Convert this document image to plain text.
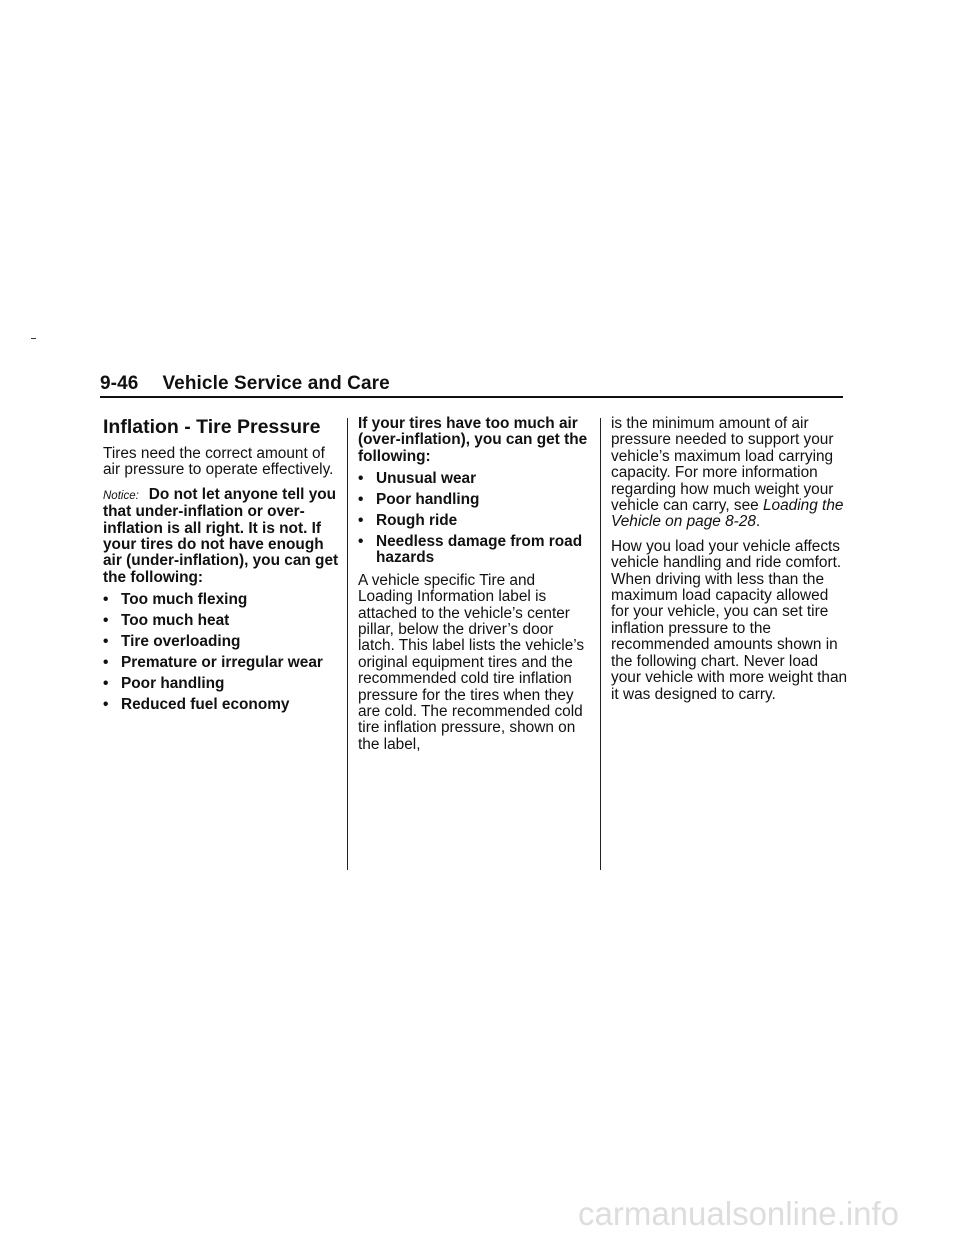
9-46 Vehicle Service and Care
Inflation - Tire Pressure

Tires need the correct amount of air pressure to operate effectively.

Notice: Do not let anyone tell you that under-inflation or over-inflation is all right. It is not. If your tires do not have enough air (under-inflation), you can get the following:

• Too much flexing
• Too much heat
• Tire overloading
• Premature or irregular wear
• Poor handling
• Reduced fuel economy

If your tires have too much air (over-inflation), you can get the following:

• Unusual wear
• Poor handling
• Rough ride
• Needless damage from road hazards

A vehicle specific Tire and Loading Information label is attached to the vehicle’s center pillar, below the driver’s door latch. This label lists the vehicle’s original equipment tires and the recommended cold tire inflation pressure for the tires when they are cold. The recommended cold tire inflation pressure, shown on the label,

is the minimum amount of air pressure needed to support your vehicle’s maximum load carrying capacity. For more information regarding how much weight your vehicle can carry, see Loading the Vehicle on page 8-28.

How you load your vehicle affects vehicle handling and ride comfort. When driving with less than the maximum load capacity allowed for your vehicle, you can set tire inflation pressure to the recommended amounts shown in the following chart. Never load your vehicle with more weight than it was designed to carry.

carmanualsonline.info
